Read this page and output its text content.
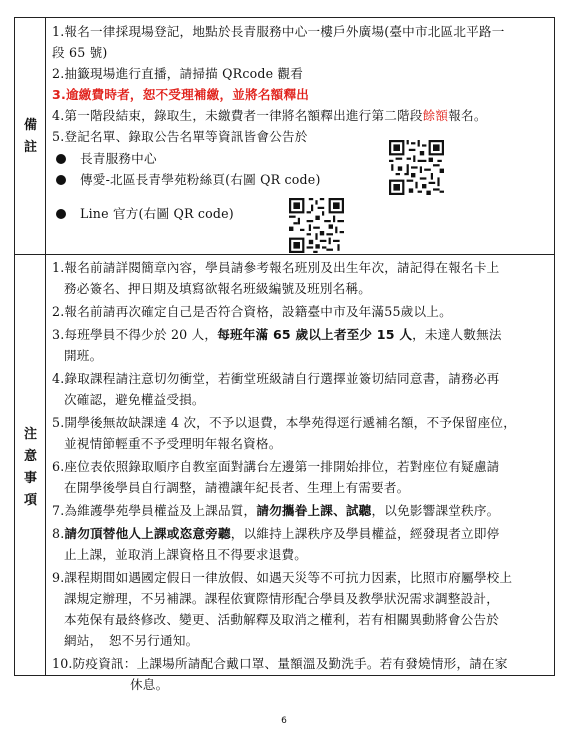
備
註
1.報名一律採現場登記，地點於長青服務中心一樓戶外廣場(臺中市北區北平路一
段 65 號)
2.抽籤現場進行直播，請掃描 QRcode 觀看
3.逾繳費時者，恕不受理補繳，並將名額釋出
4.第一階段結束，錄取生，未繳費者一律將名額釋出進行第二階段餘額報名。
5.登記名單、錄取公告名單等資訊皆會公告於
長青服務中心
傳愛-北區長青學苑粉絲頁(右圖 QR code)
Line 官方(右圖 QR code)
注
意
事
項
1.報名前請詳閱簡章內容，學員請參考報名班別及出生年次，請記得在報名卡上
務必簽名、押日期及填寫欲報名班級編號及班別名稱。
2.報名前請再次確定自己是否符合資格，設籍臺中市及年滿55歲以上。
3.每班學員不得少於 20 人，每班年滿 65 歲以上者至少 15 人，未達人數無法
開班。
4.錄取課程請注意切勿衝堂，若衝堂班級請自行選擇並簽切結同意書，請務必再
次確認，避免權益受損。
5.開學後無故缺課達 4 次，不予以退費，本學苑得逕行遞補名額，不予保留座位，
並視情節輕重不予受理明年報名資格。
6.座位表依照錄取順序自教室面對講台左邊第一排開始排位，若對座位有疑慮請
在開學後學員自行調整，請禮讓年紀長者、生理上有需要者。
7.為維護學苑學員權益及上課品質，請勿攜眷上課、試聽，以免影響課堂秩序。
8.請勿頂替他人上課或恣意旁聽，以維持上課秩序及學員權益，經發現者立即停
止上課，並取消上課資格且不得要求退費。
9.課程期間如遇國定假日一律放假、如遇天災等不可抗力因素，比照市府屬學校上
課規定辦理，不另補課。課程依實際情形配合學員及教學狀況需求調整設計，
本苑保有最終修改、變更、活動解釋及取消之權利，若有相關異動將會公告於
網站，　恕不另行通知。
10.防疫資訊：上課場所請配合戴口罩、量額溫及勤洗手。若有發燒情形，請在家
休息。
6
